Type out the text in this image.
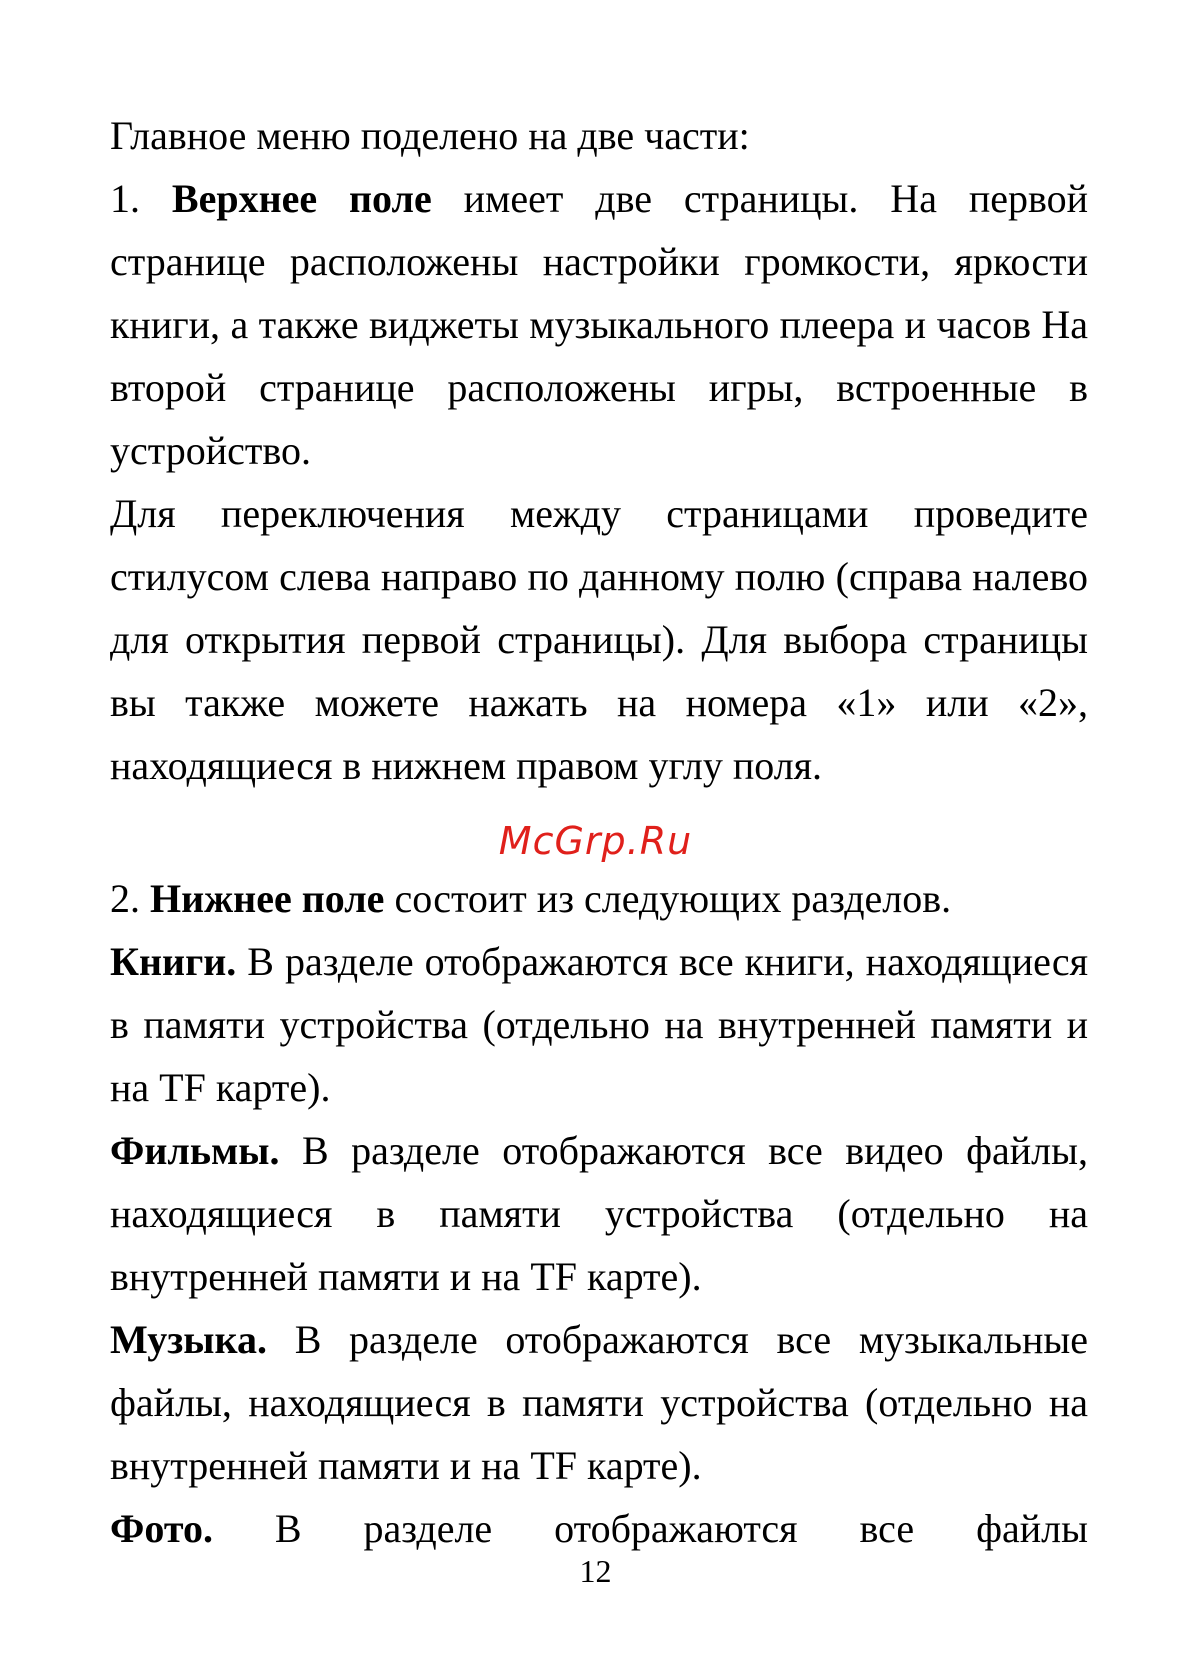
Главное меню поделено на две части:

1. Верхнее поле имеет две страницы. На первой странице расположены настройки громкости, яркости книги, а также виджеты музыкального плеера и часов На второй странице расположены игры, встроенные в устройство.

Для переключения между страницами проведите стилусом слева направо по данному полю (справа налево для открытия первой страницы). Для выбора страницы вы также можете нажать на номера «1» или «2», находящиеся в нижнем правом углу поля.

2. Нижнее поле состоит из следующих разделов.

Книги. В разделе отображаются все книги, находящиеся в памяти устройства (отдельно на внутренней памяти и на TF карте).

Фильмы. В разделе отображаются все видео файлы, находящиеся в памяти устройства (отдельно на внутренней памяти и на TF карте).

Музыка. В разделе отображаются все музыкальные файлы, находящиеся в памяти устройства (отдельно на внутренней памяти и на TF карте).

Фото. В разделе отображаются все файлы

McGrp.Ru
12
